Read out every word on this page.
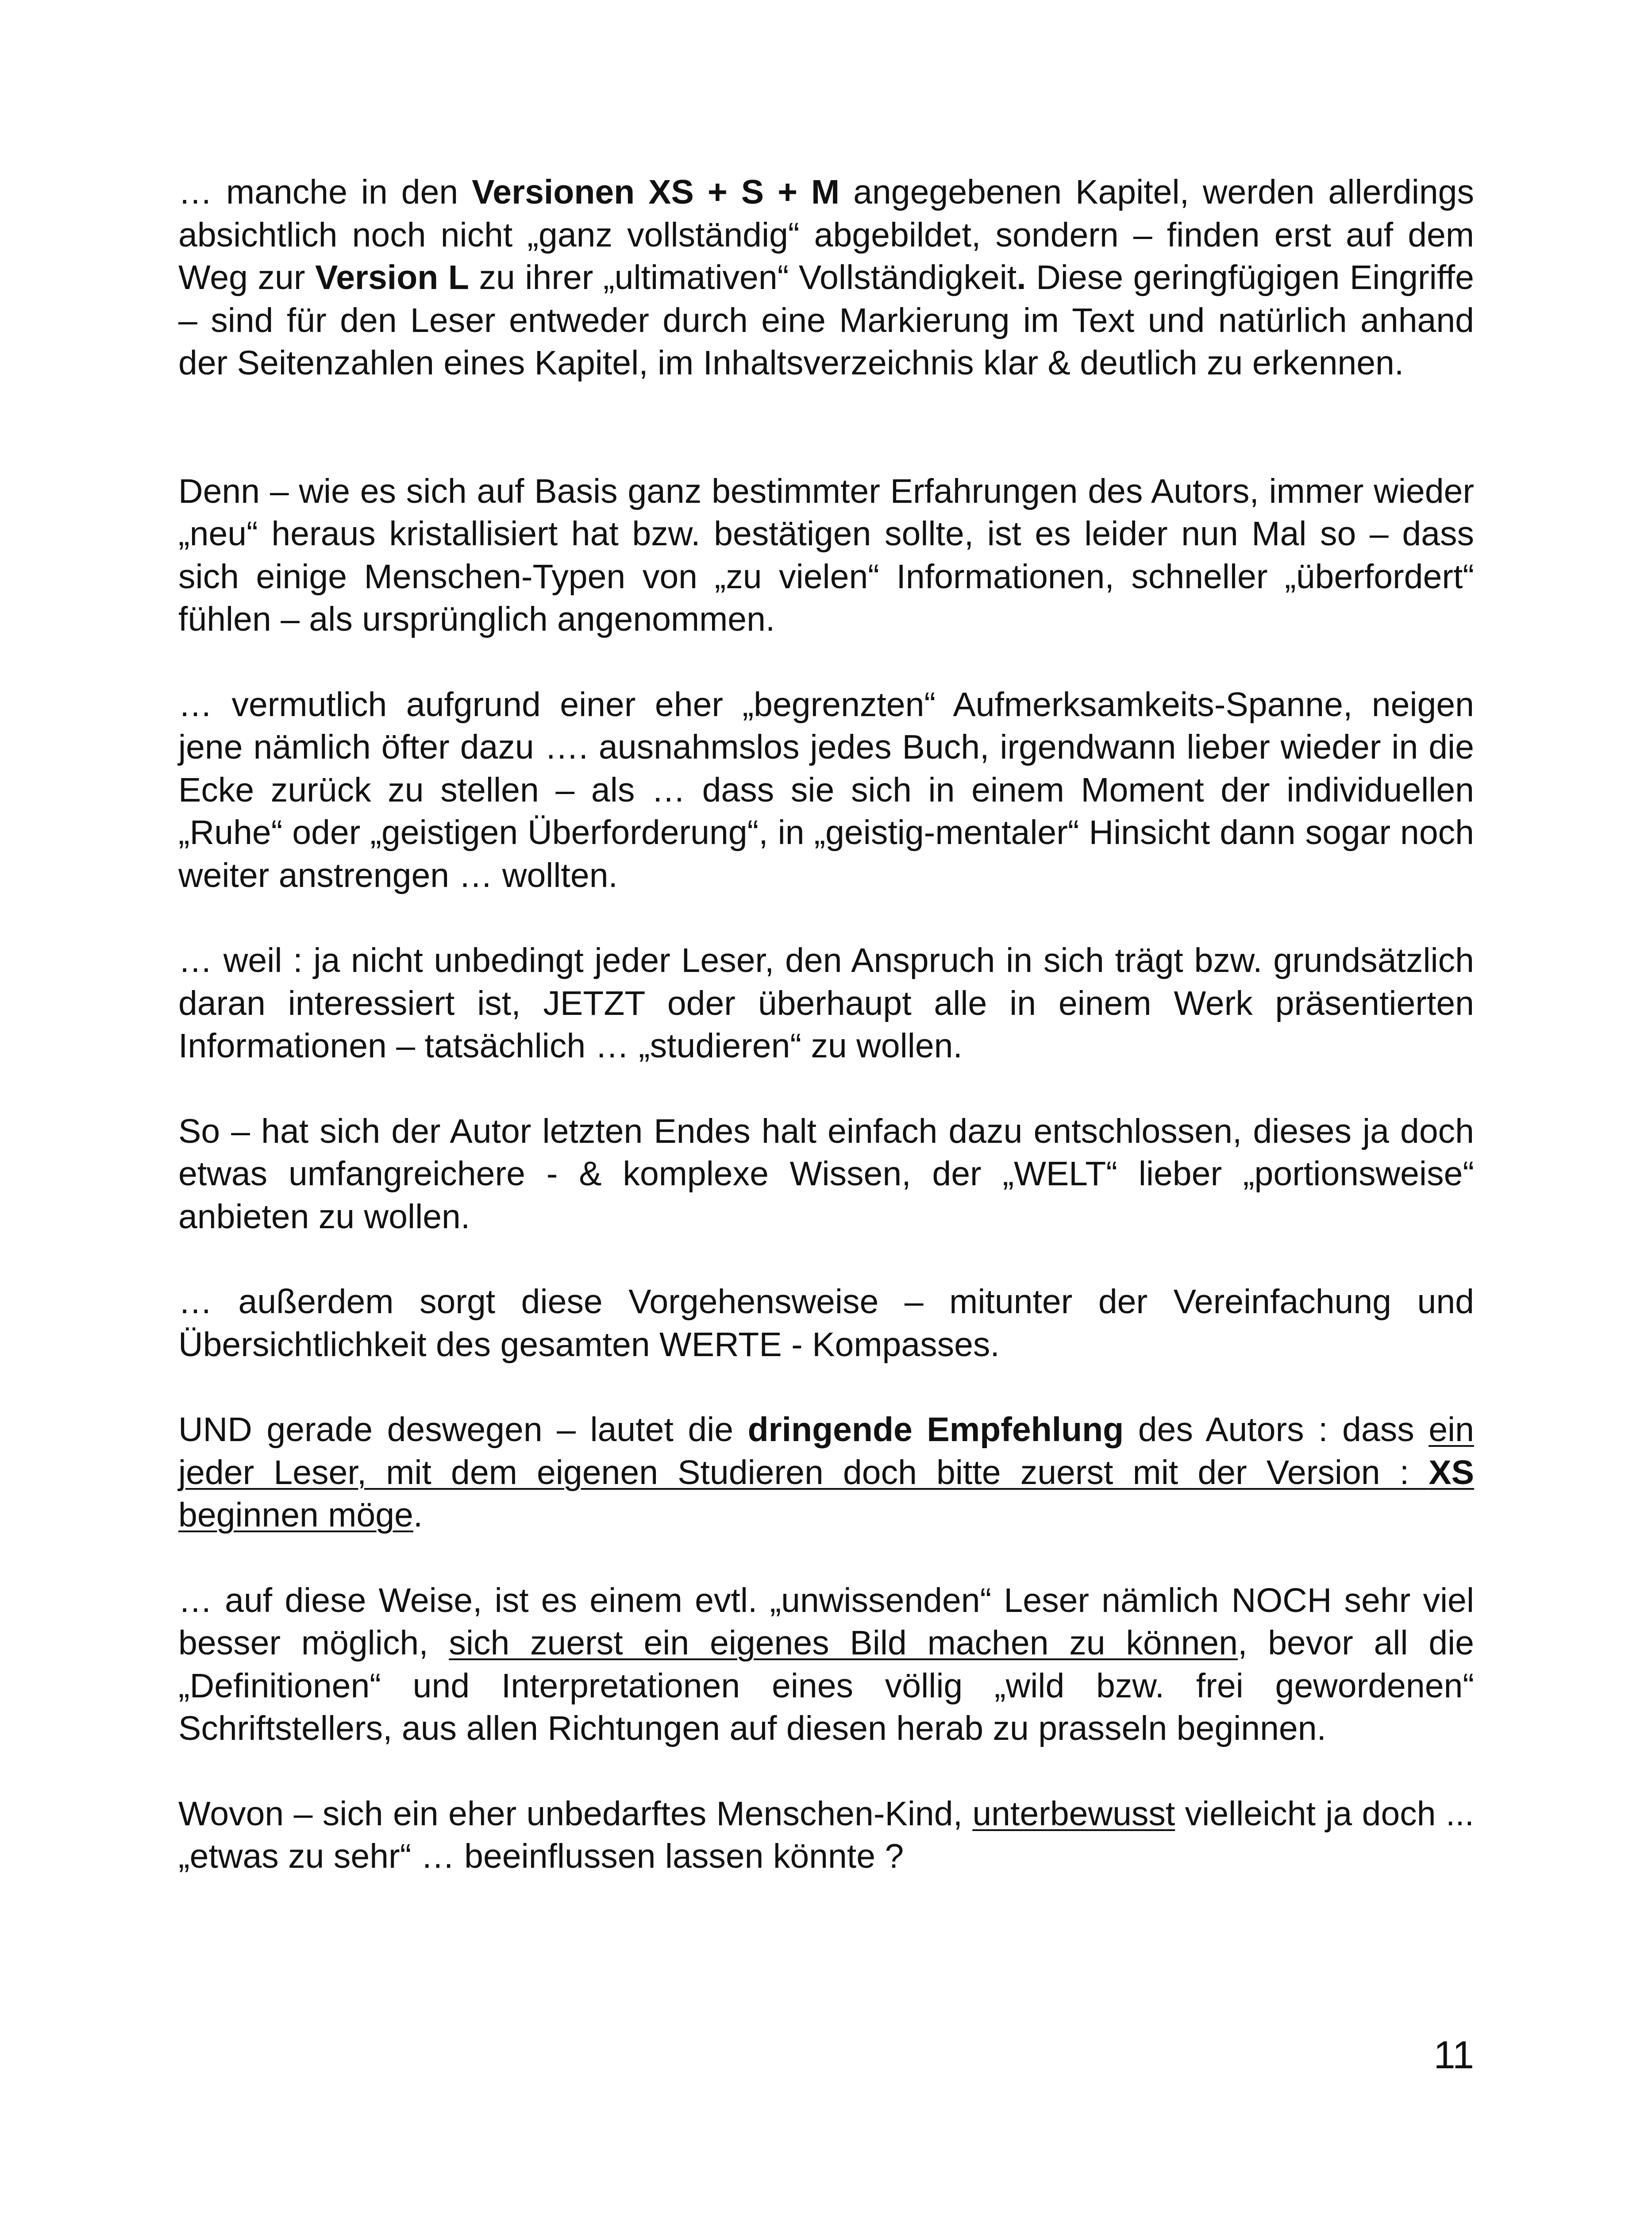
… manche in den Versionen XS + S + M angegebenen Kapitel, werden allerdings absichtlich noch nicht „ganz vollständig“ abgebildet, sondern – finden erst auf dem Weg zur Version L zu ihrer „ultimativen“ Vollständigkeit. Diese geringfügigen Eingriffe – sind für den Leser entweder durch eine Markierung im Text und natürlich anhand der Seitenzahlen eines Kapitel, im Inhaltsverzeichnis klar & deutlich zu erkennen.

Denn – wie es sich auf Basis ganz bestimmter Erfahrungen des Autors, immer wieder „neu“ heraus kristallisiert hat bzw. bestätigen sollte, ist es leider nun Mal so – dass sich einige Menschen-Typen von „zu vielen“ Informationen, schneller „überfordert“ fühlen – als ursprünglich angenommen.

… vermutlich aufgrund einer eher „begrenzten“ Aufmerksamkeits-Spanne, neigen jene nämlich öfter dazu …. ausnahmslos jedes Buch, irgendwann lieber wieder in die Ecke zurück zu stellen – als … dass sie sich in einem Moment der individuellen „Ruhe“ oder „geistigen Überforderung“, in „geistig-mentaler“ Hinsicht dann sogar noch weiter anstrengen … wollten.

… weil : ja nicht unbedingt jeder Leser, den Anspruch in sich trägt bzw. grundsätzlich daran interessiert ist, JETZT oder überhaupt alle in einem Werk präsentierten Informationen – tatsächlich … „studieren“ zu wollen.

So – hat sich der Autor letzten Endes halt einfach dazu entschlossen, dieses ja doch etwas umfangreichere - & komplexe Wissen, der „WELT“ lieber „portionsweise“ anbieten zu wollen.

… außerdem sorgt diese Vorgehensweise – mitunter der Vereinfachung und Übersichtlichkeit des gesamten WERTE - Kompasses.

UND gerade deswegen – lautet die dringende Empfehlung des Autors : dass ein jeder Leser, mit dem eigenen Studieren doch bitte zuerst mit der Version : XS beginnen möge.

… auf diese Weise, ist es einem evtl. „unwissenden“ Leser nämlich NOCH sehr viel besser möglich, sich zuerst ein eigenes Bild machen zu können, bevor all die „Definitionen“ und Interpretationen eines völlig „wild bzw. frei gewordenen“ Schriftstellers, aus allen Richtungen auf diesen herab zu prasseln beginnen.

Wovon – sich ein eher unbedarftes Menschen-Kind, unterbewusst vielleicht ja doch ... „etwas zu sehr“ … beeinflussen lassen könnte ?

11
